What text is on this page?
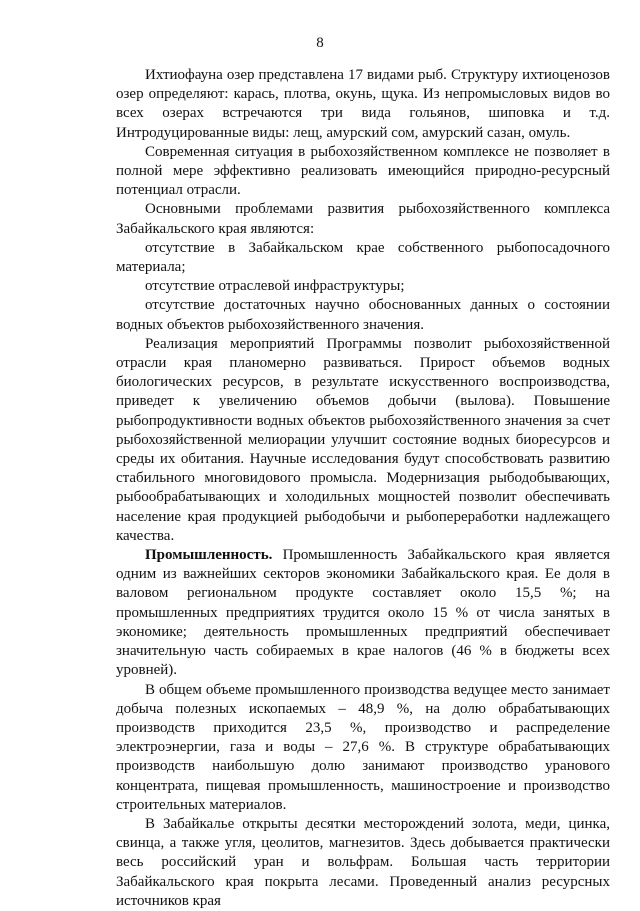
8

Ихтиофауна озер представлена 17 видами рыб. Структуру ихтиоценозов озер определяют: карась, плотва, окунь, щука. Из непромысловых видов во всех озерах встречаются три вида гольянов, шиповка и т.д. Интродуцированные виды: лещ, амурский сом, амурский сазан, омуль.

Современная ситуация в рыбохозяйственном комплексе не позволяет в полной мере эффективно реализовать имеющийся природно-ресурсный потенциал отрасли.

Основными проблемами развития рыбохозяйственного комплекса Забайкальского края являются:

отсутствие в Забайкальском крае собственного рыбопосадочного материала;

отсутствие отраслевой инфраструктуры;

отсутствие достаточных научно обоснованных данных о состоянии водных объектов рыбохозяйственного значения.

Реализация мероприятий Программы позволит рыбохозяйственной отрасли края планомерно развиваться. Прирост объемов водных биологических ресурсов, в результате искусственного воспроизводства, приведет к увеличению объемов добычи (вылова). Повышение рыбопродуктивности водных объектов рыбохозяйственного значения за счет рыбохозяйственной мелиорации улучшит состояние водных биоресурсов и среды их обитания. Научные исследования будут способствовать развитию стабильного многовидового промысла. Модернизация рыбодобывающих, рыбообрабатывающих и холодильных мощностей позволит обеспечивать население края продукцией рыбодобычи и рыбопереработки надлежащего качества.

Промышленность. Промышленность Забайкальского края является одним из важнейших секторов экономики Забайкальского края. Ее доля в валовом региональном продукте составляет около 15,5 %; на промышленных предприятиях трудится около 15 % от числа занятых в экономике; деятельность промышленных предприятий обеспечивает значительную часть собираемых в крае налогов (46 % в бюджеты всех уровней).

В общем объеме промышленного производства ведущее место занимает добыча полезных ископаемых – 48,9 %, на долю обрабатывающих производств приходится 23,5 %, производство и распределение электроэнергии, газа и воды – 27,6 %. В структуре обрабатывающих производств наибольшую долю занимают производство уранового концентрата, пищевая промышленность, машиностроение и производство строительных материалов.

В Забайкалье открыты десятки месторождений золота, меди, цинка, свинца, а также угля, цеолитов, магнезитов. Здесь добывается практически весь российский уран и вольфрам. Большая часть территории Забайкальского края покрыта лесами. Проведенный анализ ресурсных источников края
